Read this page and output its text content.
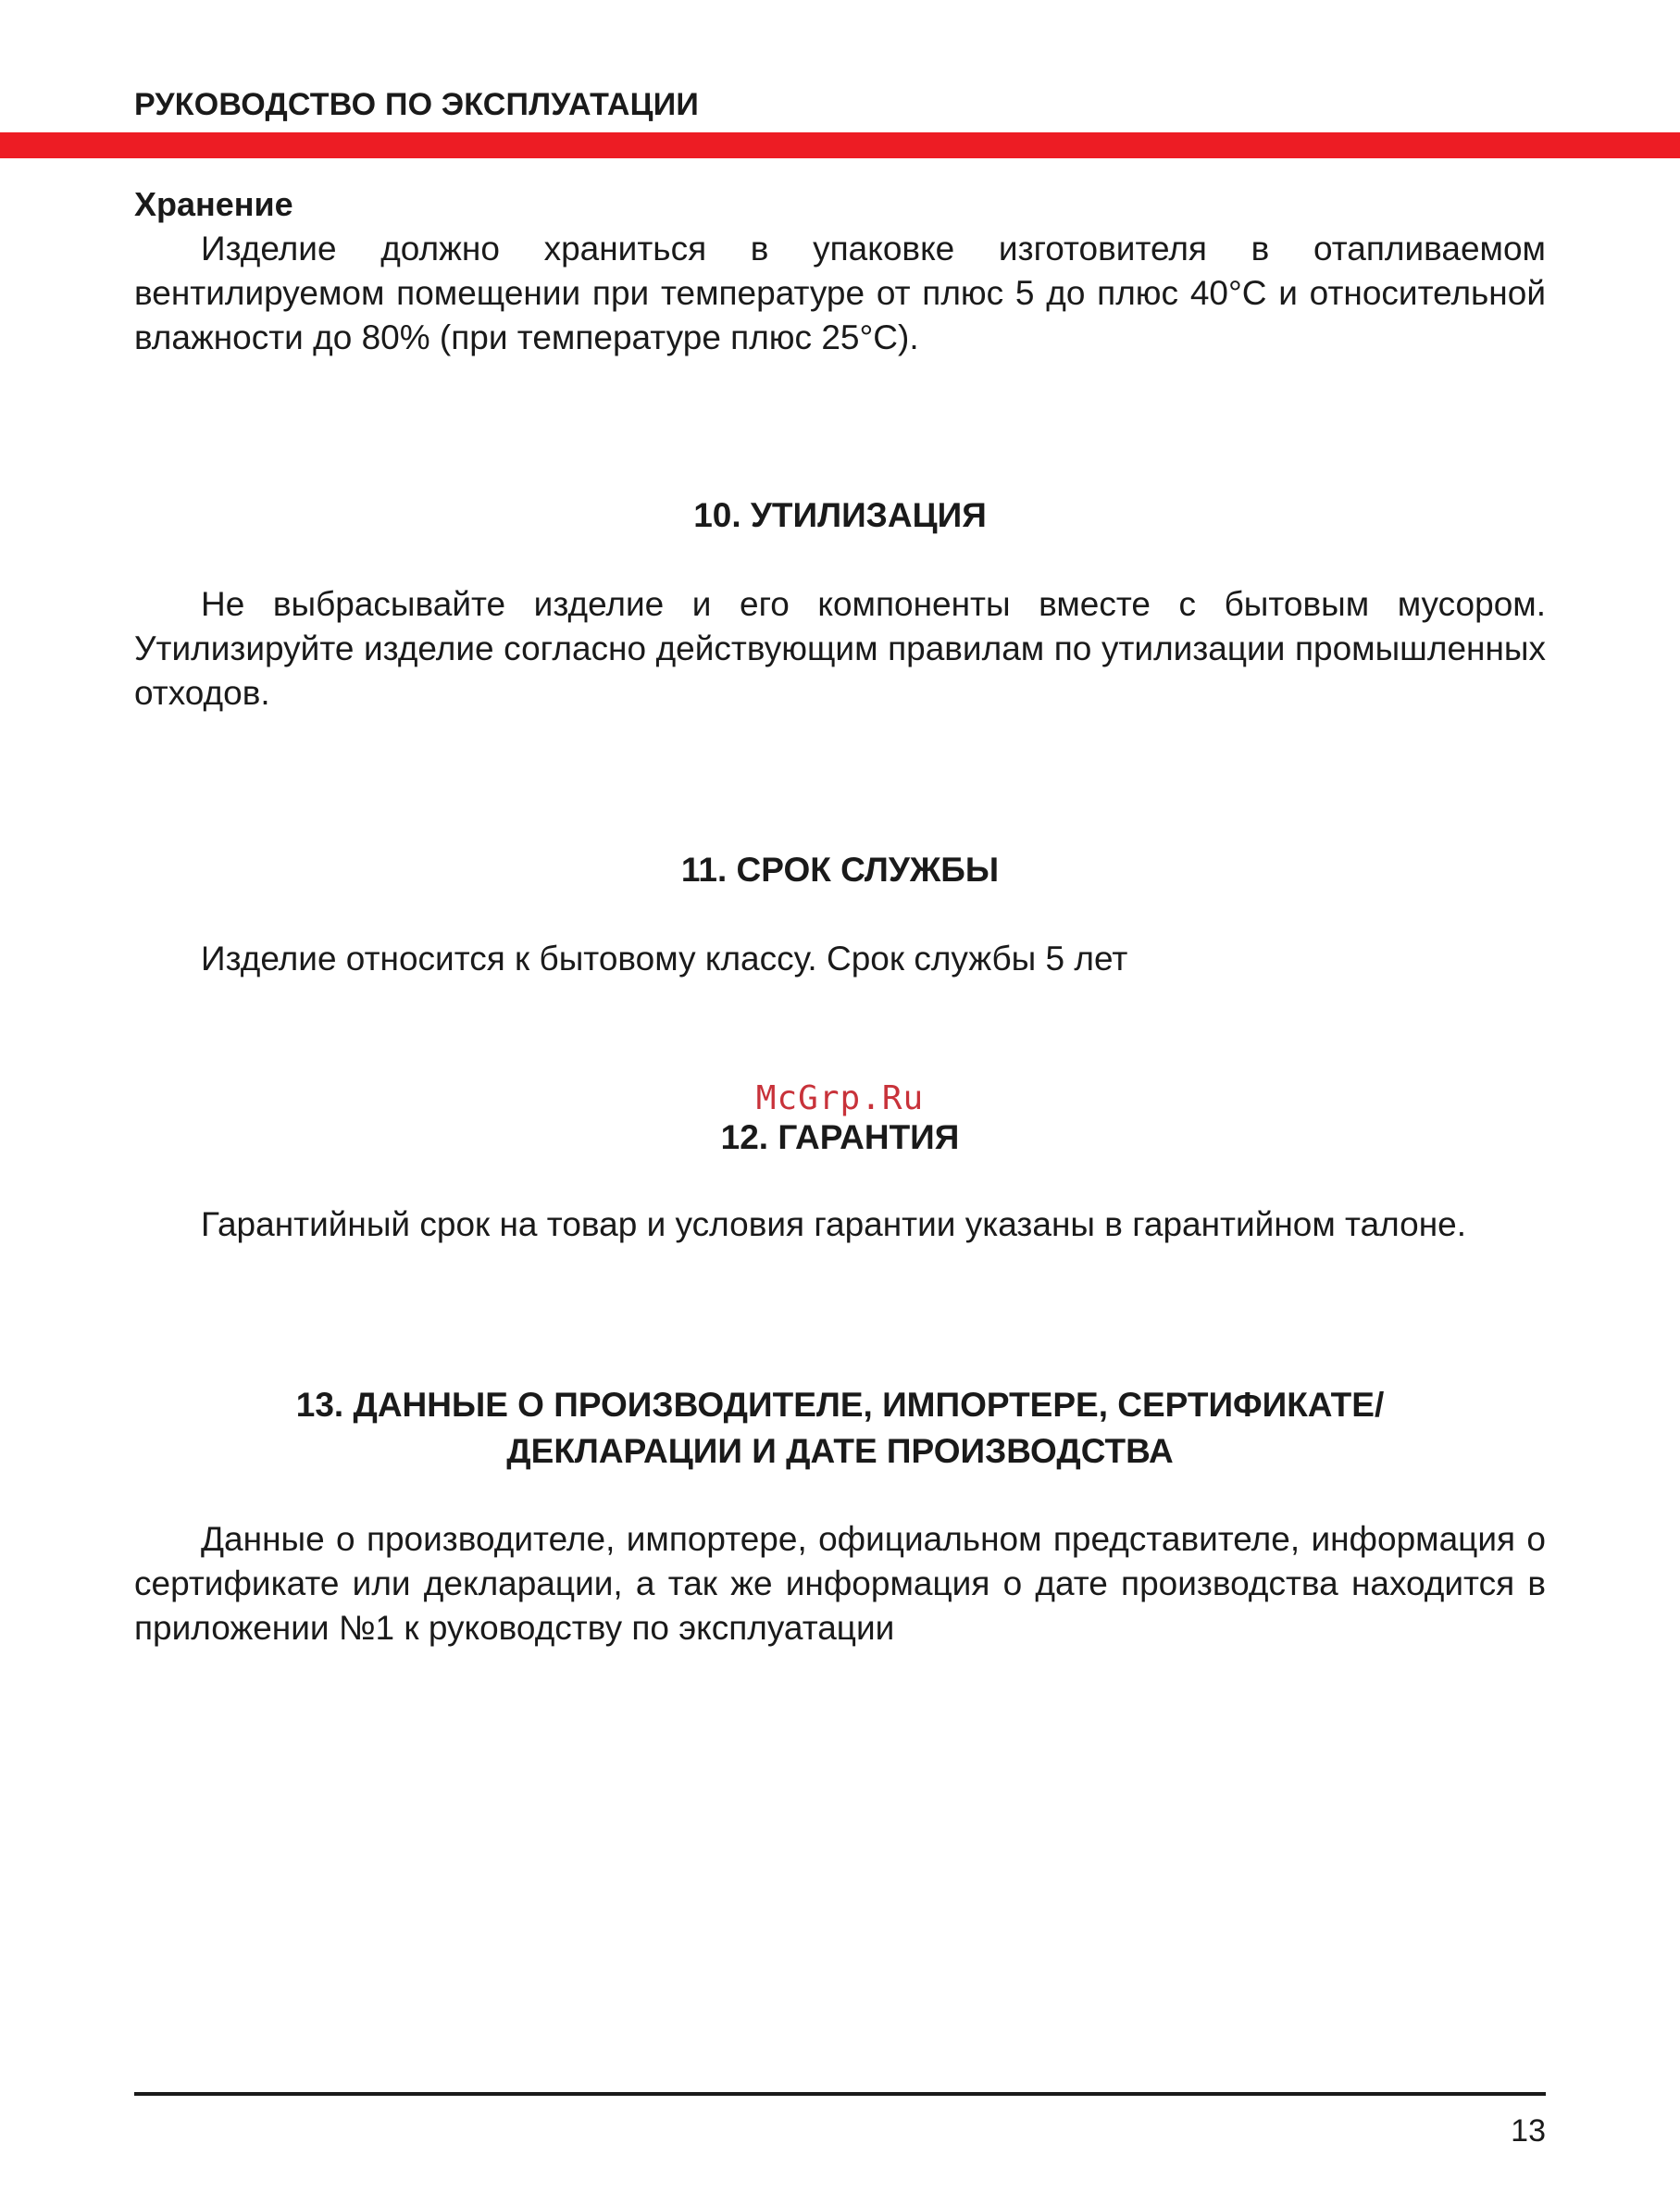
РУКОВОДСТВО ПО ЭКСПЛУАТАЦИИ

Хранение

Изделие должно храниться в упаковке изготовителя в отапливаемом вентилируемом помещении при температуре от плюс 5 до плюс 40°С и относительной влажности до 80% (при температуре плюс 25°С).

10. УТИЛИЗАЦИЯ

Не выбрасывайте изделие и его компоненты вместе с бытовым мусором. Утилизируйте изделие согласно действующим правилам по утилизации промышленных отходов.

11. СРОК СЛУЖБЫ

Изделие относится к бытовому классу. Срок службы 5 лет

McGrp.Ru
12. ГАРАНТИЯ

Гарантийный срок на товар и условия гарантии указаны в гарантийном талоне.

13. ДАННЫЕ О ПРОИЗВОДИТЕЛЕ, ИМПОРТЕРЕ, СЕРТИФИКАТЕ/
ДЕКЛАРАЦИИ И ДАТЕ ПРОИЗВОДСТВА

Данные о производителе, импортере, официальном представителе, информация о сертификате или декларации, а так же информация о дате производства находится в приложении №1 к руководству по эксплуатации

13
